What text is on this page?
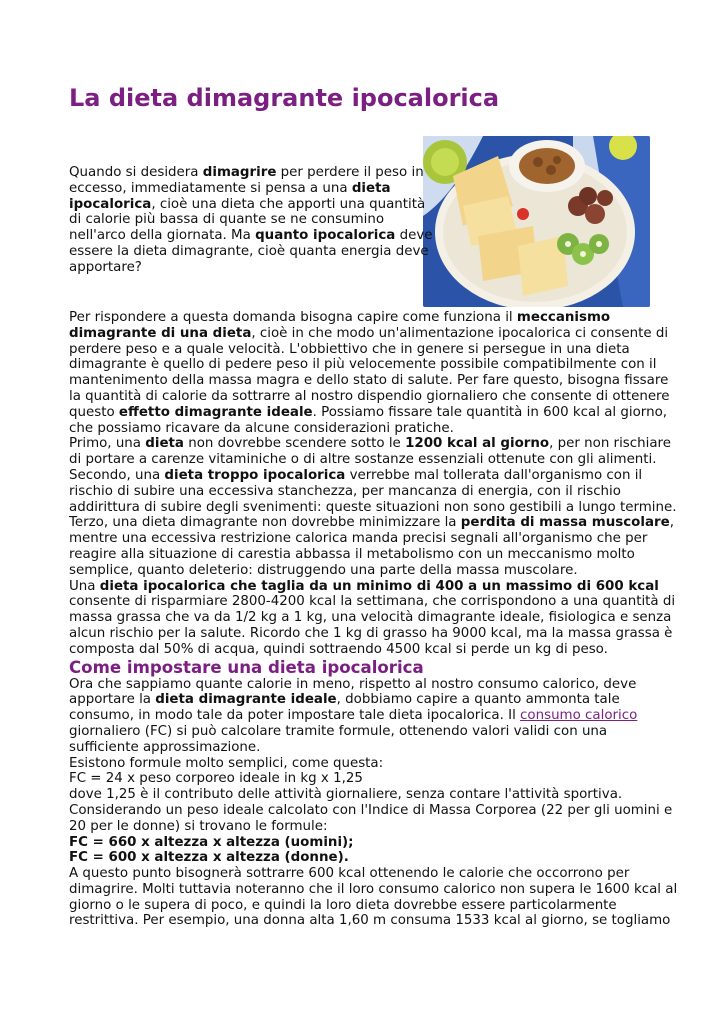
La dieta dimagrante ipocalorica
Quando si desidera dimagrire per perdere il peso in
eccesso, immediatamente si pensa a una dieta
ipocalorica, cioè una dieta che apporti una quantità
di calorie più bassa di quante se ne consumino
nell'arco della giornata. Ma quanto ipocalorica deve
essere la dieta dimagrante, cioè quanta energia deve
apportare?
Per rispondere a questa domanda bisogna capire come funziona il meccanismo
dimagrante di una dieta, cioè in che modo un'alimentazione ipocalorica ci consente di
perdere peso e a quale velocità. L'obbiettivo che in genere si persegue in una dieta
dimagrante è quello di pedere peso il più velocemente possibile compatibilmente con il
mantenimento della massa magra e dello stato di salute. Per fare questo, bisogna fissare
la quantità di calorie da sottrarre al nostro dispendio giornaliero che consente di ottenere
questo effetto dimagrante ideale. Possiamo fissare tale quantità in 600 kcal al giorno,
che possiamo ricavare da alcune considerazioni pratiche.
Primo, una dieta non dovrebbe scendere sotto le 1200 kcal al giorno, per non rischiare
di portare a carenze vitaminiche o di altre sostanze essenziali ottenute con gli alimenti.
Secondo, una dieta troppo ipocalorica verrebbe mal tollerata dall'organismo con il
rischio di subire una eccessiva stanchezza, per mancanza di energia, con il rischio
addirittura di subire degli svenimenti: queste situazioni non sono gestibili a lungo termine.
Terzo, una dieta dimagrante non dovrebbe minimizzare la perdita di massa muscolare,
mentre una eccessiva restrizione calorica manda precisi segnali all'organismo che per
reagire alla situazione di carestia abbassa il metabolismo con un meccanismo molto
semplice, quanto deleterio: distruggendo una parte della massa muscolare.
Una dieta ipocalorica che taglia da un minimo di 400 a un massimo di 600 kcal
consente di risparmiare 2800-4200 kcal la settimana, che corrispondono a una quantità di
massa grassa che va da 1/2 kg a 1 kg, una velocità dimagrante ideale, fisiologica e senza
alcun rischio per la salute. Ricordo che 1 kg di grasso ha 9000 kcal, ma la massa grassa è
composta dal 50% di acqua, quindi sottraendo 4500 kcal si perde un kg di peso.
Come impostare una dieta ipocalorica
Ora che sappiamo quante calorie in meno, rispetto al nostro consumo calorico, deve
apportare la dieta dimagrante ideale, dobbiamo capire a quanto ammonta tale
consumo, in modo tale da poter impostare tale dieta ipocalorica. Il consumo calorico
giornaliero (FC) si può calcolare tramite formule, ottenendo valori validi con una
sufficiente approssimazione.
Esistono formule molto semplici, come questa:
FC = 24 x peso corporeo ideale in kg x 1,25
dove 1,25 è il contributo delle attività giornaliere, senza contare l'attività sportiva.
Considerando un peso ideale calcolato con l'Indice di Massa Corporea (22 per gli uomini e
20 per le donne) si trovano le formule:
FC = 660 x altezza x altezza (uomini);
FC = 600 x altezza x altezza (donne).
A questo punto bisognerà sottrarre 600 kcal ottenendo le calorie che occorrono per
dimagrire. Molti tuttavia noteranno che il loro consumo calorico non supera le 1600 kcal al
giorno o le supera di poco, e quindi la loro dieta dovrebbe essere particolarmente
restrittiva. Per esempio, una donna alta 1,60 m consuma 1533 kcal al giorno, se togliamo
